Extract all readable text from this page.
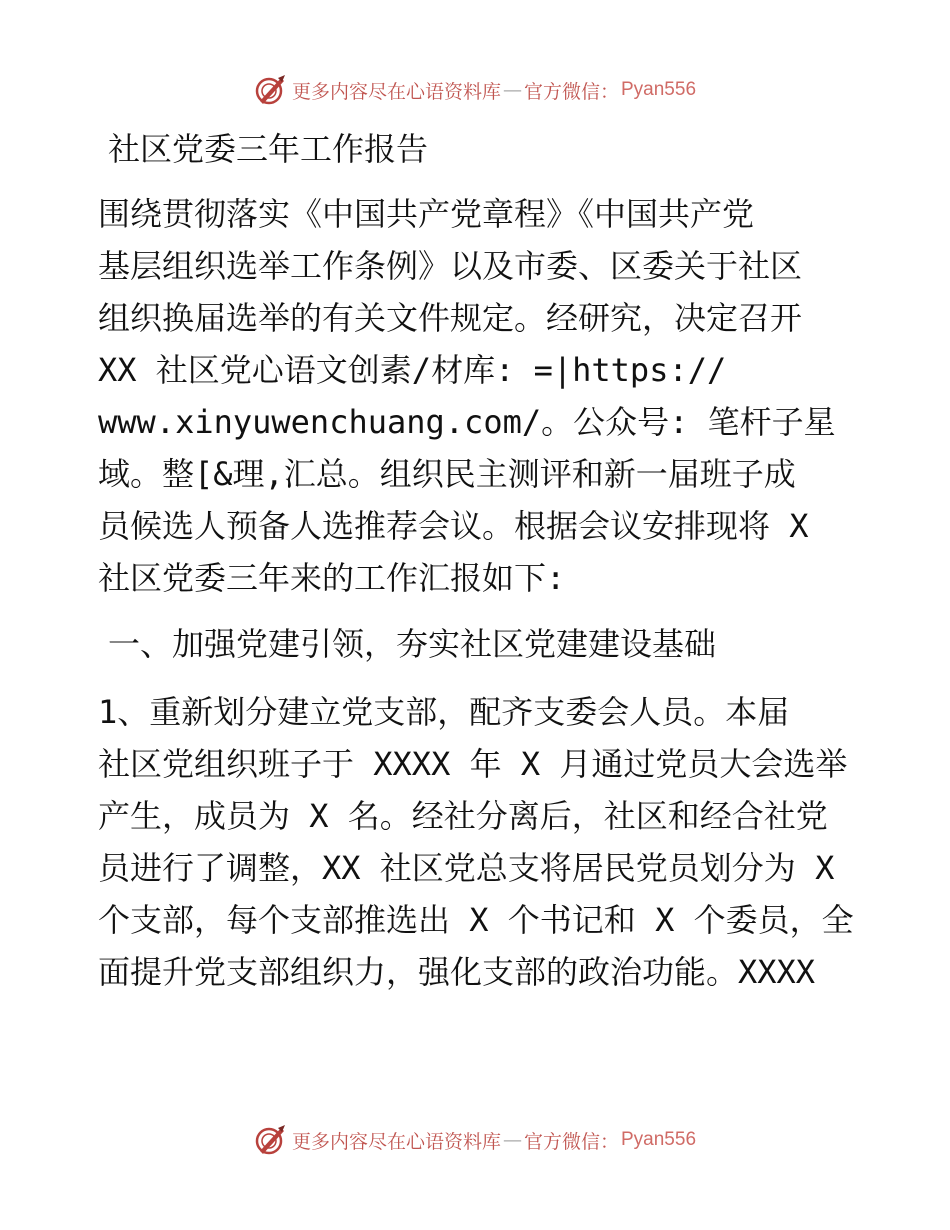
更多内容尽在心语资料库 — 官方微信： Pyan556
社区党委三年工作报告
围绕贯彻落实《中国共产党章程》《中国共产党
基层组织选举工作条例》以及市委、区委关于社区
组织换届选举的有关文件规定。经研究，决定召开
XX 社区党心语文创素/材库: =|https://
www.xinyuwenchuang.com/。公众号: 笔杆子星
域。整[&理,汇总。组织民主测评和新一届班子成
员候选人预备人选推荐会议。根据会议安排现将 X
社区党委三年来的工作汇报如下:
一、加强党建引领，夯实社区党建建设基础
1、重新划分建立党支部，配齐支委会人员。本届
社区党组织班子于 XXXX 年 X 月通过党员大会选举
产生，成员为 X 名。经社分离后，社区和经合社党
员进行了调整，XX 社区党总支将居民党员划分为 X
个支部，每个支部推选出 X 个书记和 X 个委员，全
面提升党支部组织力，强化支部的政治功能。XXXX
更多内容尽在心语资料库 — 官方微信： Pyan556
